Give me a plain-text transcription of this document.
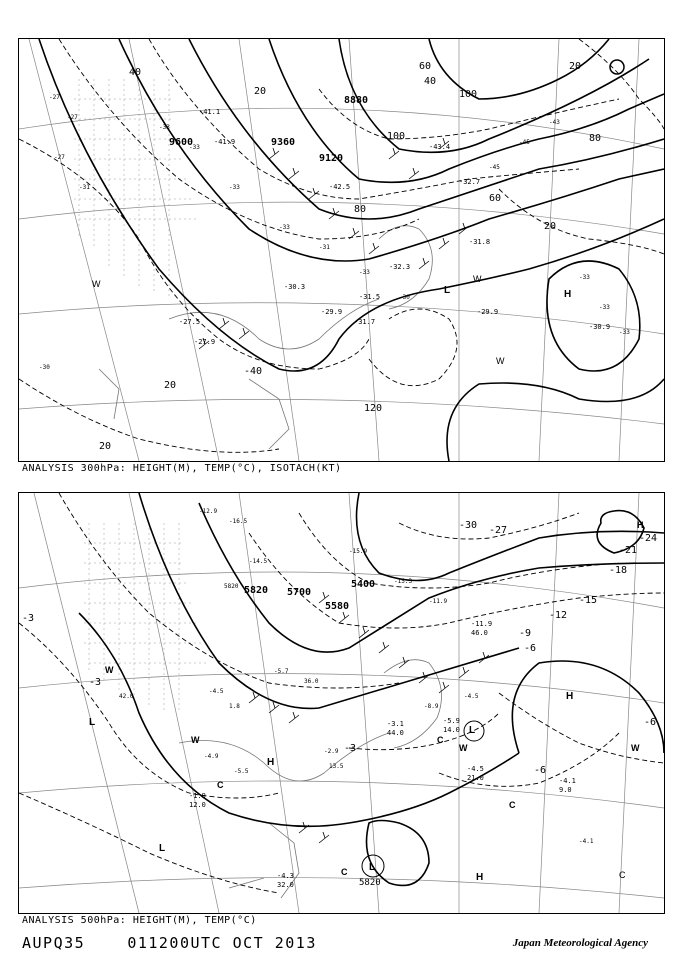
-27
-27
-27
-31
-33
-33
-33
-33
-31
-33
-30
-45
-45
-43
-33
-33
-33
-30
-32.7
-41.1
-41.9
-42.5
-43.4
-30.3
-31.5
-31.7
-29.9
-31.8
-32.3
-30.9
-27.5
-27.9
-29.9
-40
9600	9360
9120
8880
20
40
60
80
100
40
60
80
100
20
20
20
20
120
H
L
W	W
W
ANALYSIS 300hPa: HEIGHT(M), TEMP(°C), ISOTACH(KT)
-12.9
-16.5
-14.5
5820
-15.9
-15.3
-11.9
-4.5
1.8
-5.7
36.0
-2.9
13.5
-5.5
-4.9
-8.9
-4.5
42.0
-4.1
-4.5
21.0	-4.1
9.0
-5.9
14.0
-3.1
44.0
-11.9
46.0
-4.3
32.0
-1.9
12.0
5700
5580
5820
5400
5820
-3
-6
-9
-12
-15
-18
-21
-24
-27
-30
-3
-3
-6
-6
L
L
L
L
H
H
H	C
W
W
W
W
C
C
C
C
H
ANALYSIS 500hPa: HEIGHT(M), TEMP(°C)
AUPQ35	011200UTC OCT 2013	Japan Meteorological Agency
